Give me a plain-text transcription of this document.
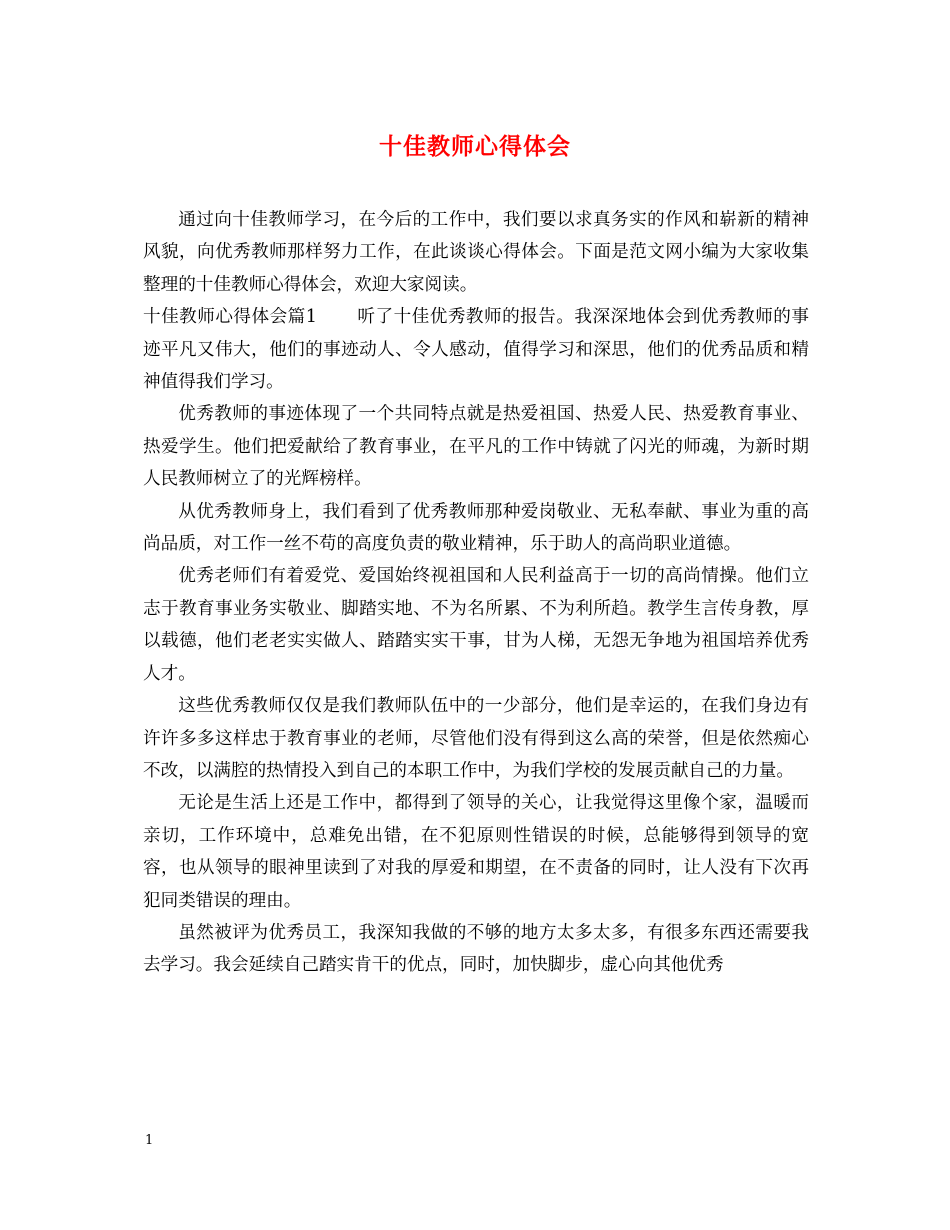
十佳教师心得体会

通过向十佳教师学习，在今后的工作中，我们要以求真务实的作风和崭新的精神风貌，向优秀教师那样努力工作，在此谈谈心得体会。下面是范文网小编为大家收集整理的十佳教师心得体会，欢迎大家阅读。

十佳教师心得体会篇1 听了十佳优秀教师的报告。我深深地体会到优秀教师的事迹平凡又伟大，他们的事迹动人、令人感动，值得学习和深思，他们的优秀品质和精神值得我们学习。

优秀教师的事迹体现了一个共同特点就是热爱祖国、热爱人民、热爱教育事业、热爱学生。他们把爱献给了教育事业，在平凡的工作中铸就了闪光的师魂，为新时期人民教师树立了的光辉榜样。

从优秀教师身上，我们看到了优秀教师那种爱岗敬业、无私奉献、事业为重的高尚品质，对工作一丝不苟的高度负责的敬业精神，乐于助人的高尚职业道德。

优秀老师们有着爱党、爱国始终视祖国和人民利益高于一切的高尚情操。他们立志于教育事业务实敬业、脚踏实地、不为名所累、不为利所趋。教学生言传身教，厚以载德，他们老老实实做人、踏踏实实干事，甘为人梯，无怨无争地为祖国培养优秀人才。

这些优秀教师仅仅是我们教师队伍中的一少部分，他们是幸运的，在我们身边有许许多多这样忠于教育事业的老师，尽管他们没有得到这么高的荣誉，但是依然痴心不改，以满腔的热情投入到自己的本职工作中，为我们学校的发展贡献自己的力量。

无论是生活上还是工作中，都得到了领导的关心，让我觉得这里像个家，温暖而亲切，工作环境中，总难免出错，在不犯原则性错误的时候，总能够得到领导的宽容，也从领导的眼神里读到了对我的厚爱和期望，在不责备的同时，让人没有下次再犯同类错误的理由。

虽然被评为优秀员工，我深知我做的不够的地方太多太多，有很多东西还需要我去学习。我会延续自己踏实肯干的优点，同时，加快脚步，虚心向其他优秀

1
